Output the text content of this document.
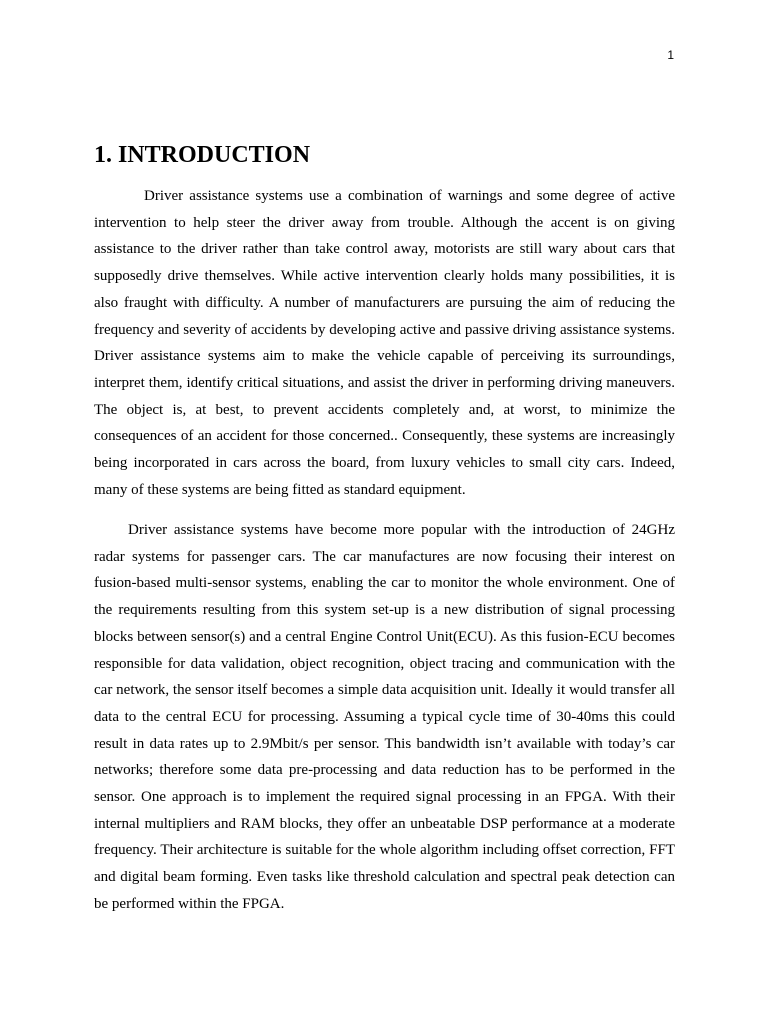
1
1. INTRODUCTION

Driver assistance systems use a combination of warnings and some degree of active intervention to help steer the driver away from trouble. Although the accent is on giving assistance to the driver rather than take control away, motorists are still wary about cars that supposedly drive themselves. While active intervention clearly holds many possibilities, it is also fraught with difficulty. A number of manufacturers are pursuing the aim of reducing the frequency and severity of accidents by developing active and passive driving assistance systems. Driver assistance systems aim to make the vehicle capable of perceiving its surroundings, interpret them, identify critical situations, and assist the driver in performing driving maneuvers. The object is, at best, to prevent accidents completely and, at worst, to minimize the consequences of an accident for those concerned.. Consequently, these systems are increasingly being incorporated in cars across the board, from luxury vehicles to small city cars. Indeed, many of these systems are being fitted as standard equipment.

Driver assistance systems have become more popular with the introduction of 24GHz radar systems for passenger cars. The car manufactures are now focusing their interest on fusion-based multi-sensor systems, enabling the car to monitor the whole environment. One of the requirements resulting from this system set-up is a new distribution of signal processing blocks between sensor(s) and a central Engine Control Unit(ECU). As this fusion-ECU becomes responsible for data validation, object recognition, object tracing and communication with the car network, the sensor itself becomes a simple data acquisition unit. Ideally it would transfer all data to the central ECU for processing. Assuming a typical cycle time of 30-40ms this could result in data rates up to 2.9Mbit/s per sensor. This bandwidth isn’t available with today’s car networks; therefore some data pre-processing and data reduction has to be performed in the sensor. One approach is to implement the required signal processing in an FPGA. With their internal multipliers and RAM blocks, they offer an unbeatable DSP performance at a moderate frequency. Their architecture is suitable for the whole algorithm including offset correction, FFT and digital beam forming. Even tasks like threshold calculation and spectral peak detection can be performed within the FPGA.
